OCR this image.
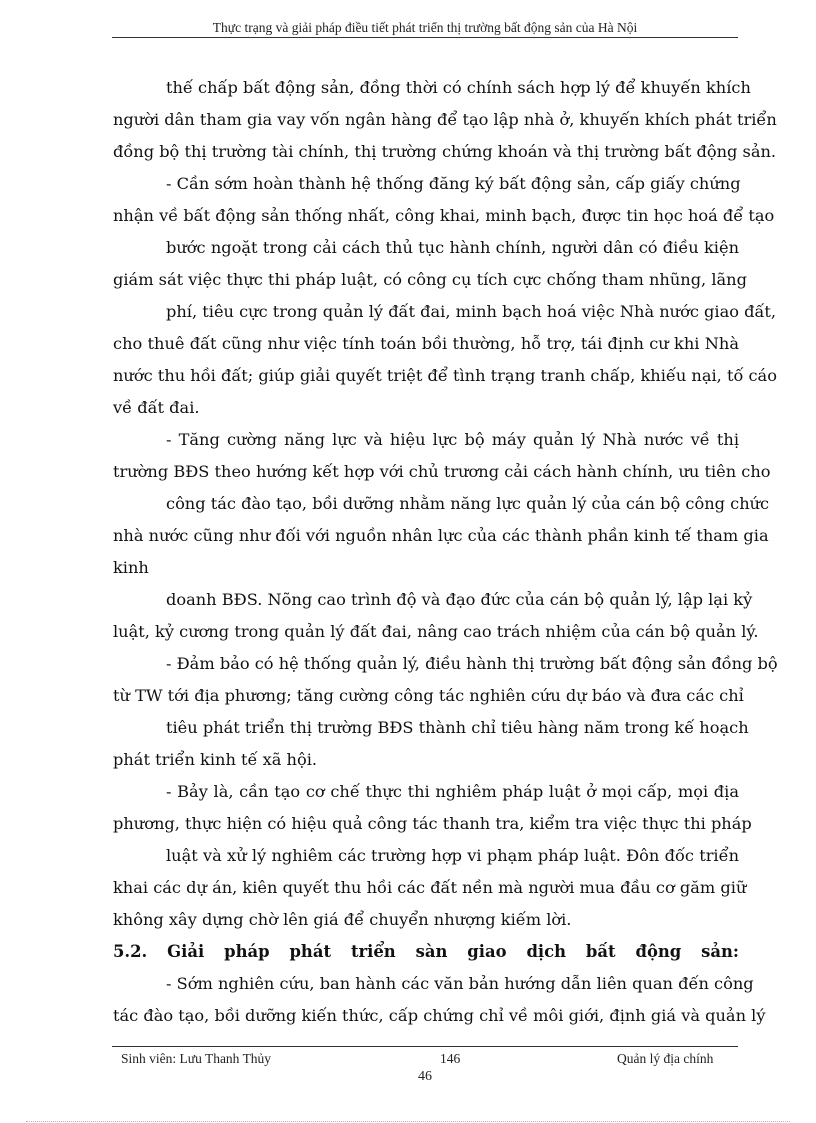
Thực trạng và giải pháp điều tiết phát triển thị trường bất động sản của Hà Nội
thế chấp bất động sản, đồng thời có chính sách hợp lý để khuyến khích
người dân tham gia vay vốn ngân hàng để tạo lập nhà ở, khuyến khích phát triển
đồng bộ thị trường tài chính, thị trường chứng khoán và thị trường bất động sản.
- Cần sớm hoàn thành hệ thống đăng ký bất động sản, cấp giấy chứng
nhận về bất động sản thống nhất, công khai, minh bạch, được tin học hoá để tạo
bước ngoặt trong cải cách thủ tục hành chính, người dân có điều kiện
giám sát việc thực thi pháp luật, có công cụ tích cực chống tham nhũng, lãng
phí, tiêu cực trong quản lý đất đai, minh bạch hoá việc Nhà nước giao đất,
cho thuê đất cũng như việc tính toán bồi thường, hỗ trợ, tái định cư khi Nhà
nước thu hồi đất; giúp giải quyết triệt để tình trạng tranh chấp, khiếu nại, tố cáo
về đất đai.
- Tăng cường năng lực và hiệu lực bộ máy quản lý Nhà nước về thị
trường BĐS theo hướng kết hợp với chủ trương cải cách hành chính, ưu tiên cho
công tác đào tạo, bồi dưỡng nhằm năng lực quản lý của cán bộ công chức
nhà nước cũng như đối với nguồn nhân lực của các thành phần kinh tế tham gia
kinh
doanh BĐS. Nõng cao trình độ và đạo đức của cán bộ quản lý, lập lại kỷ
luật, kỷ cương trong quản lý đất đai, nâng cao trách nhiệm của cán bộ quản lý.
- Đảm bảo có hệ thống quản lý, điều hành thị trường bất động sản đồng bộ
từ TW tới địa phương; tăng cường công tác nghiên cứu dự báo và đưa các chỉ
tiêu phát triển thị trường BĐS thành chỉ tiêu hàng năm trong kế hoạch
phát triển kinh tế xã hội.
- Bảy là, cần tạo cơ chế thực thi nghiêm pháp luật ở mọi cấp, mọi địa
phương, thực hiện có hiệu quả công tác thanh tra, kiểm tra việc thực thi pháp
luật và xử lý nghiêm các trường hợp vi phạm pháp luật. Đôn đốc triển
khai các dự án, kiên quyết thu hồi các đất nền mà người mua đầu cơ găm giữ
không xây dựng chờ lên giá để chuyển nhượng kiếm lời.
5.2. Giải pháp phát triển sàn giao dịch bất động sản:
- Sớm nghiên cứu, ban hành các văn bản hướng dẫn liên quan đến công
tác đào tạo, bồi dưỡng kiến thức, cấp chứng chỉ về môi giới, định giá và quản lý
Sinh viên: Lưu Thanh Thủy	146	Quản lý địa chính
46
